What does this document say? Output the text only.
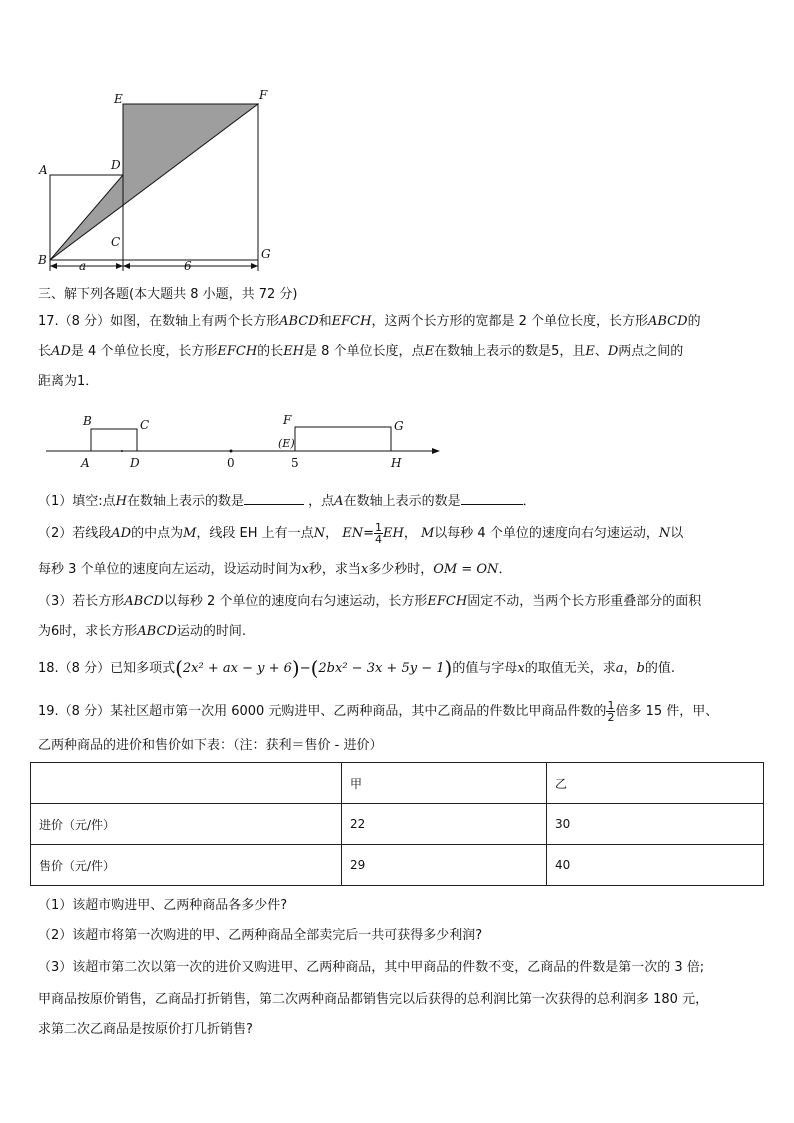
E	F
A	D
C
B	G
a	6
三、解下列各题(本大题共 8 小题，共 72 分)
17.（8 分）如图，在数轴上有两个长方形ABCD和EFCH，这两个长方形的宽都是 2 个单位长度，长方形ABCD的
长AD是 4 个单位长度，长方形EFCH的长EH是 8 个单位长度，点E在数轴上表示的数是5，且E、D两点之间的
距离为1．
B	C
A	D	0
F	G
(E)
5	H
（1）填空:点H在数轴上表示的数是	，点A在数轴上表示的数是	．
（2）若线段AD的中点为M，线段 EH 上有一点N， $EN= \frac{1}{4}$ EH， M以每秒 4 个单位的速度向右匀速运动，N以
每秒 3 个单位的速度向左运动，设运动时间为x秒，求当x多少秒时，OM = ON．
（3）若长方形ABCD以每秒 2 个单位的速度向右匀速运动，长方形EFCH固定不动，当两个长方形重叠部分的面积
为6时，求长方形ABCD运动的时间.
18.（8 分）已知多项式(2x² + ax − y + 6)−(2bx² − 3x + 5y − 1)的值与字母x的取值无关，求a，b的值.
19.（8 分）某社区超市第一次用 6000 元购进甲、乙两种商品，其中乙商品的件数比甲商品件数的 $\frac{1}{2}$ 倍多 15 件，甲、
乙两种商品的进价和售价如下表：（注：获利＝售价 - 进价）
	甲	乙
进价（元/件）	22	30
售价（元/件）	29	40
（1）该超市购进甲、乙两种商品各多少件?
（2）该超市将第一次购进的甲、乙两种商品全部卖完后一共可获得多少利润?
（3）该超市第二次以第一次的进价又购进甲、乙两种商品，其中甲商品的件数不变，乙商品的件数是第一次的 3 倍;
甲商品按原价销售，乙商品打折销售，第二次两种商品都销售完以后获得的总利润比第一次获得的总利润多 180 元，
求第二次乙商品是按原价打几折销售?
